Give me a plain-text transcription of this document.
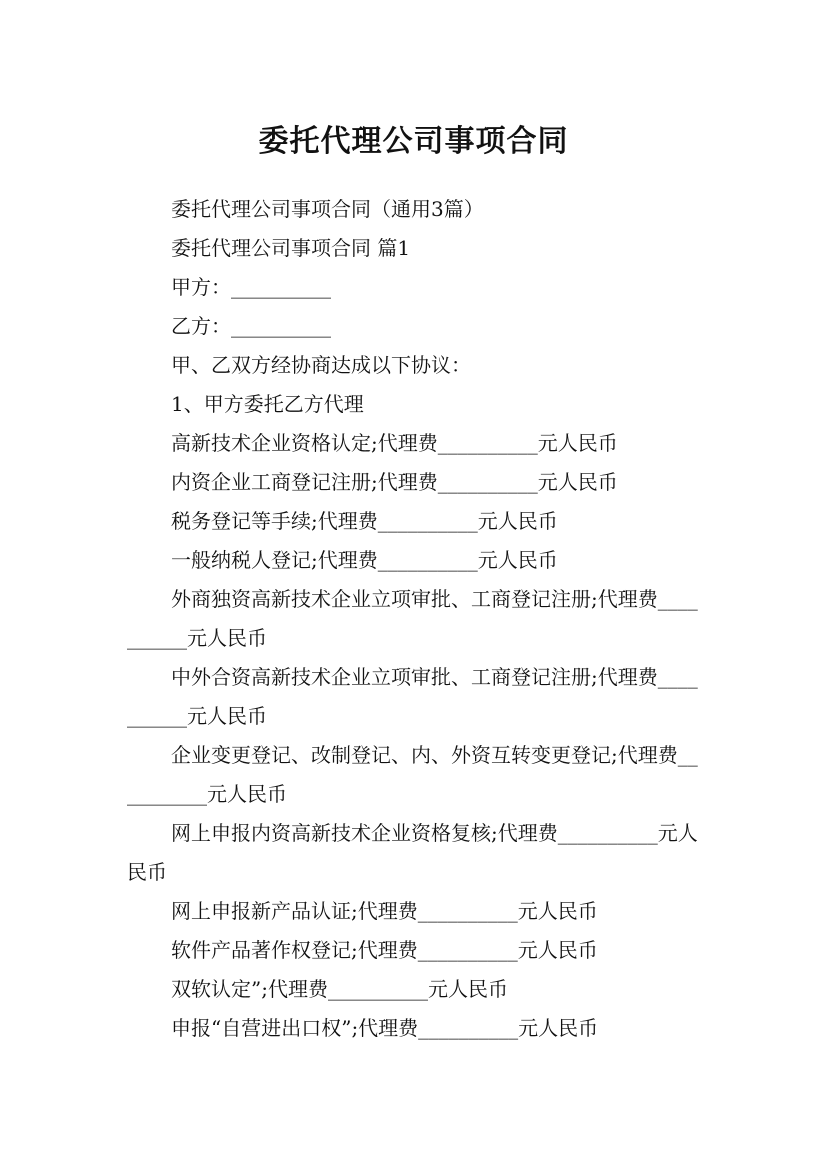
委托代理公司事项合同

委托代理公司事项合同（通用3篇）

委托代理公司事项合同 篇1

甲方：__________

乙方：__________

甲、乙双方经协商达成以下协议：

1、甲方委托乙方代理

高新技术企业资格认定;代理费__________元人民币

内资企业工商登记注册;代理费__________元人民币

税务登记等手续;代理费__________元人民币

一般纳税人登记;代理费__________元人民币

外商独资高新技术企业立项审批、工商登记注册;代理费__________元人民币

中外合资高新技术企业立项审批、工商登记注册;代理费__________元人民币

企业变更登记、改制登记、内、外资互转变更登记;代理费__________元人民币

网上申报内资高新技术企业资格复核;代理费__________元人民币

网上申报新产品认证;代理费__________元人民币

软件产品著作权登记;代理费__________元人民币

双软认定”;代理费__________元人民币

申报“自营进出口权”;代理费__________元人民币
